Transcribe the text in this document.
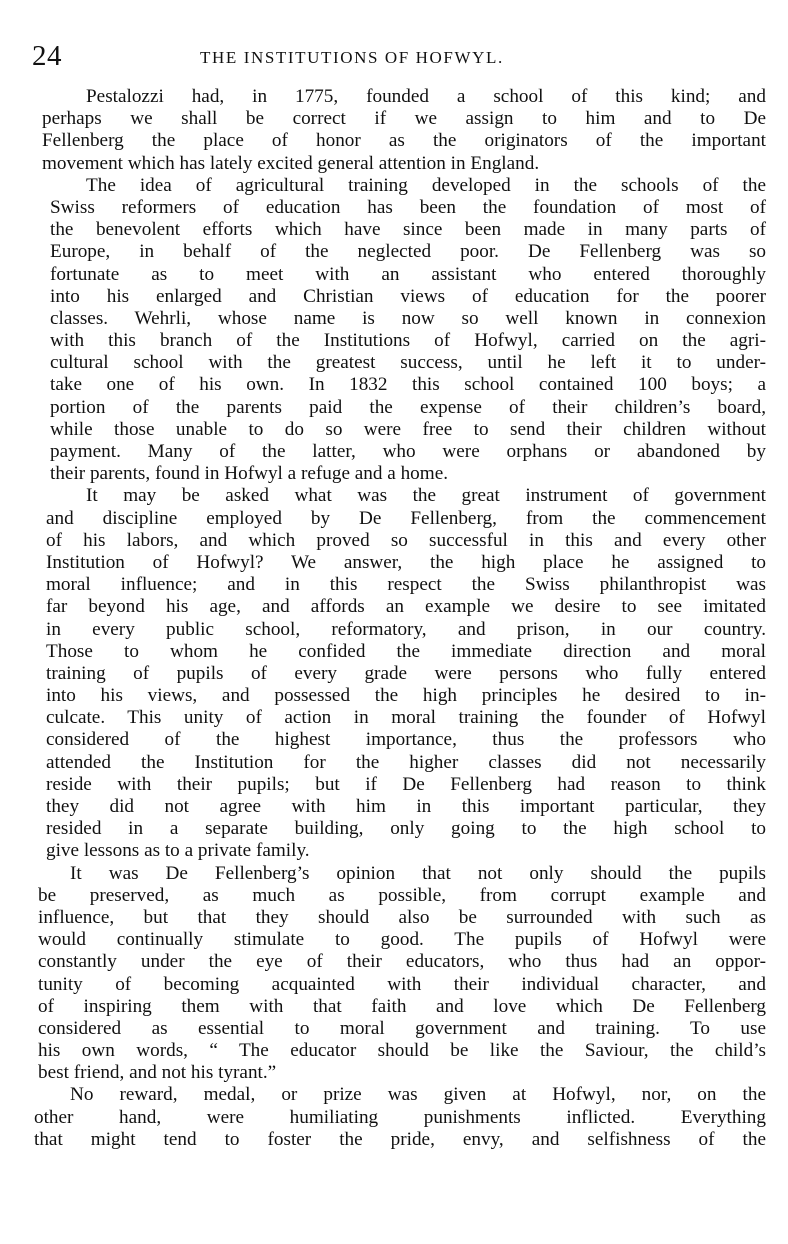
24	THE INSTITUTIONS OF HOFWYL.
Pestalozzi had, in 1775, founded a school of this kind; and
perhaps we shall be correct if we assign to him and to De
Fellenberg the place of honor as the originators of the important
movement which has lately excited general attention in England.
The idea of agricultural training developed in the schools of the
Swiss reformers of education has been the foundation of most of
the benevolent efforts which have since been made in many parts of
Europe, in behalf of the neglected poor. De Fellenberg was so
fortunate as to meet with an assistant who entered thoroughly
into his enlarged and Christian views of education for the poorer
classes. Wehrli, whose name is now so well known in connexion
with this branch of the Institutions of Hofwyl, carried on the agri-
cultural school with the greatest success, until he left it to under-
take one of his own. In 1832 this school contained 100 boys; a
portion of the parents paid the expense of their children’s board,
while those unable to do so were free to send their children without
payment. Many of the latter, who were orphans or abandoned by
their parents, found in Hofwyl a refuge and a home.
It may be asked what was the great instrument of government
and discipline employed by De Fellenberg, from the commencement
of his labors, and which proved so successful in this and every other
Institution of Hofwyl? We answer, the high place he assigned to
moral influence; and in this respect the Swiss philanthropist was
far beyond his age, and affords an example we desire to see imitated
in every public school, reformatory, and prison, in our country.
Those to whom he confided the immediate direction and moral
training of pupils of every grade were persons who fully entered
into his views, and possessed the high principles he desired to in-
culcate. This unity of action in moral training the founder of Hofwyl
considered of the highest importance, thus the professors who
attended the Institution for the higher classes did not necessarily
reside with their pupils; but if De Fellenberg had reason to think
they did not agree with him in this important particular, they
resided in a separate building, only going to the high school to
give lessons as to a private family.
It was De Fellenberg’s opinion that not only should the pupils
be preserved, as much as possible, from corrupt example and
influence, but that they should also be surrounded with such as
would continually stimulate to good. The pupils of Hofwyl were
constantly under the eye of their educators, who thus had an oppor-
tunity of becoming acquainted with their individual character, and
of inspiring them with that faith and love which De Fellenberg
considered as essential to moral government and training. To use
his own words, “ The educator should be like the Saviour, the child’s
best friend, and not his tyrant.”
No reward, medal, or prize was given at Hofwyl, nor, on the
other hand, were humiliating punishments inflicted. Everything
that might tend to foster the pride, envy, and selfishness of the
